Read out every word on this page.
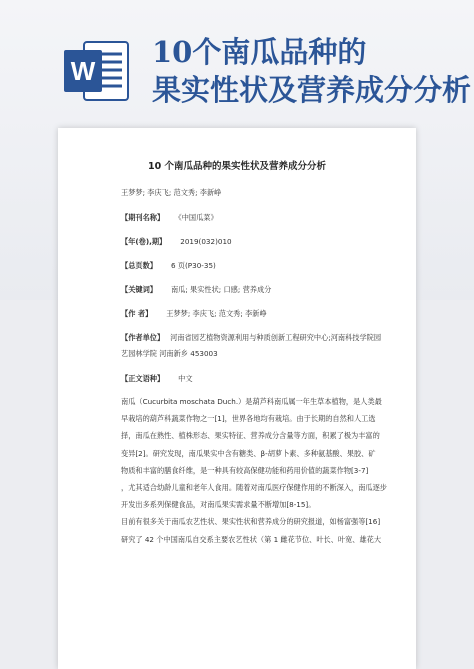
W
10个南瓜品种的
果实性状及营养成分分析
10 个南瓜品种的果实性状及营养成分分析
王梦梦; 李庆飞; 范文秀; 李新峥
【期刊名称】 《中国瓜菜》
【年(卷),期】 2019(032)010
【总页数】 6 页(P30-35)
【关键词】 南瓜; 果实性状; 口感; 营养成分
【作 者】 王梦梦; 李庆飞; 范文秀; 李新峥
【作者单位】 河南省园艺植物资源利用与种质创新工程研究中心;河南科技学院园
艺园林学院 河南新乡 453003
【正文语种】 中文
南瓜（Cucurbita moschata Duch.）是葫芦科南瓜属一年生草本植物，是人类最
早栽培的葫芦科蔬菜作物之一[1]，世界各地均有栽培。由于长期的自然和人工选
择，南瓜在熟性、植株形态、果实特征、营养成分含量等方面，积累了极为丰富的
变异[2]。研究发现，南瓜果实中含有糖类、β-胡萝卜素、多种氨基酸、果胶、矿
物质和丰富的膳食纤维，是一种具有较高保健功能和药用价值的蔬菜作物[3-7]
，尤其适合幼龄儿童和老年人食用。随着对南瓜医疗保健作用的不断深入，南瓜逐步
开发出多系列保健食品，对南瓜果实需求量不断增加[8-15]。
目前有很多关于南瓜农艺性状、果实性状和营养成分的研究报道，如杨富强等[16]
研究了 42 个中国南瓜自交系主要农艺性状（第 1 雌花节位、叶长、叶宽、雄花大
